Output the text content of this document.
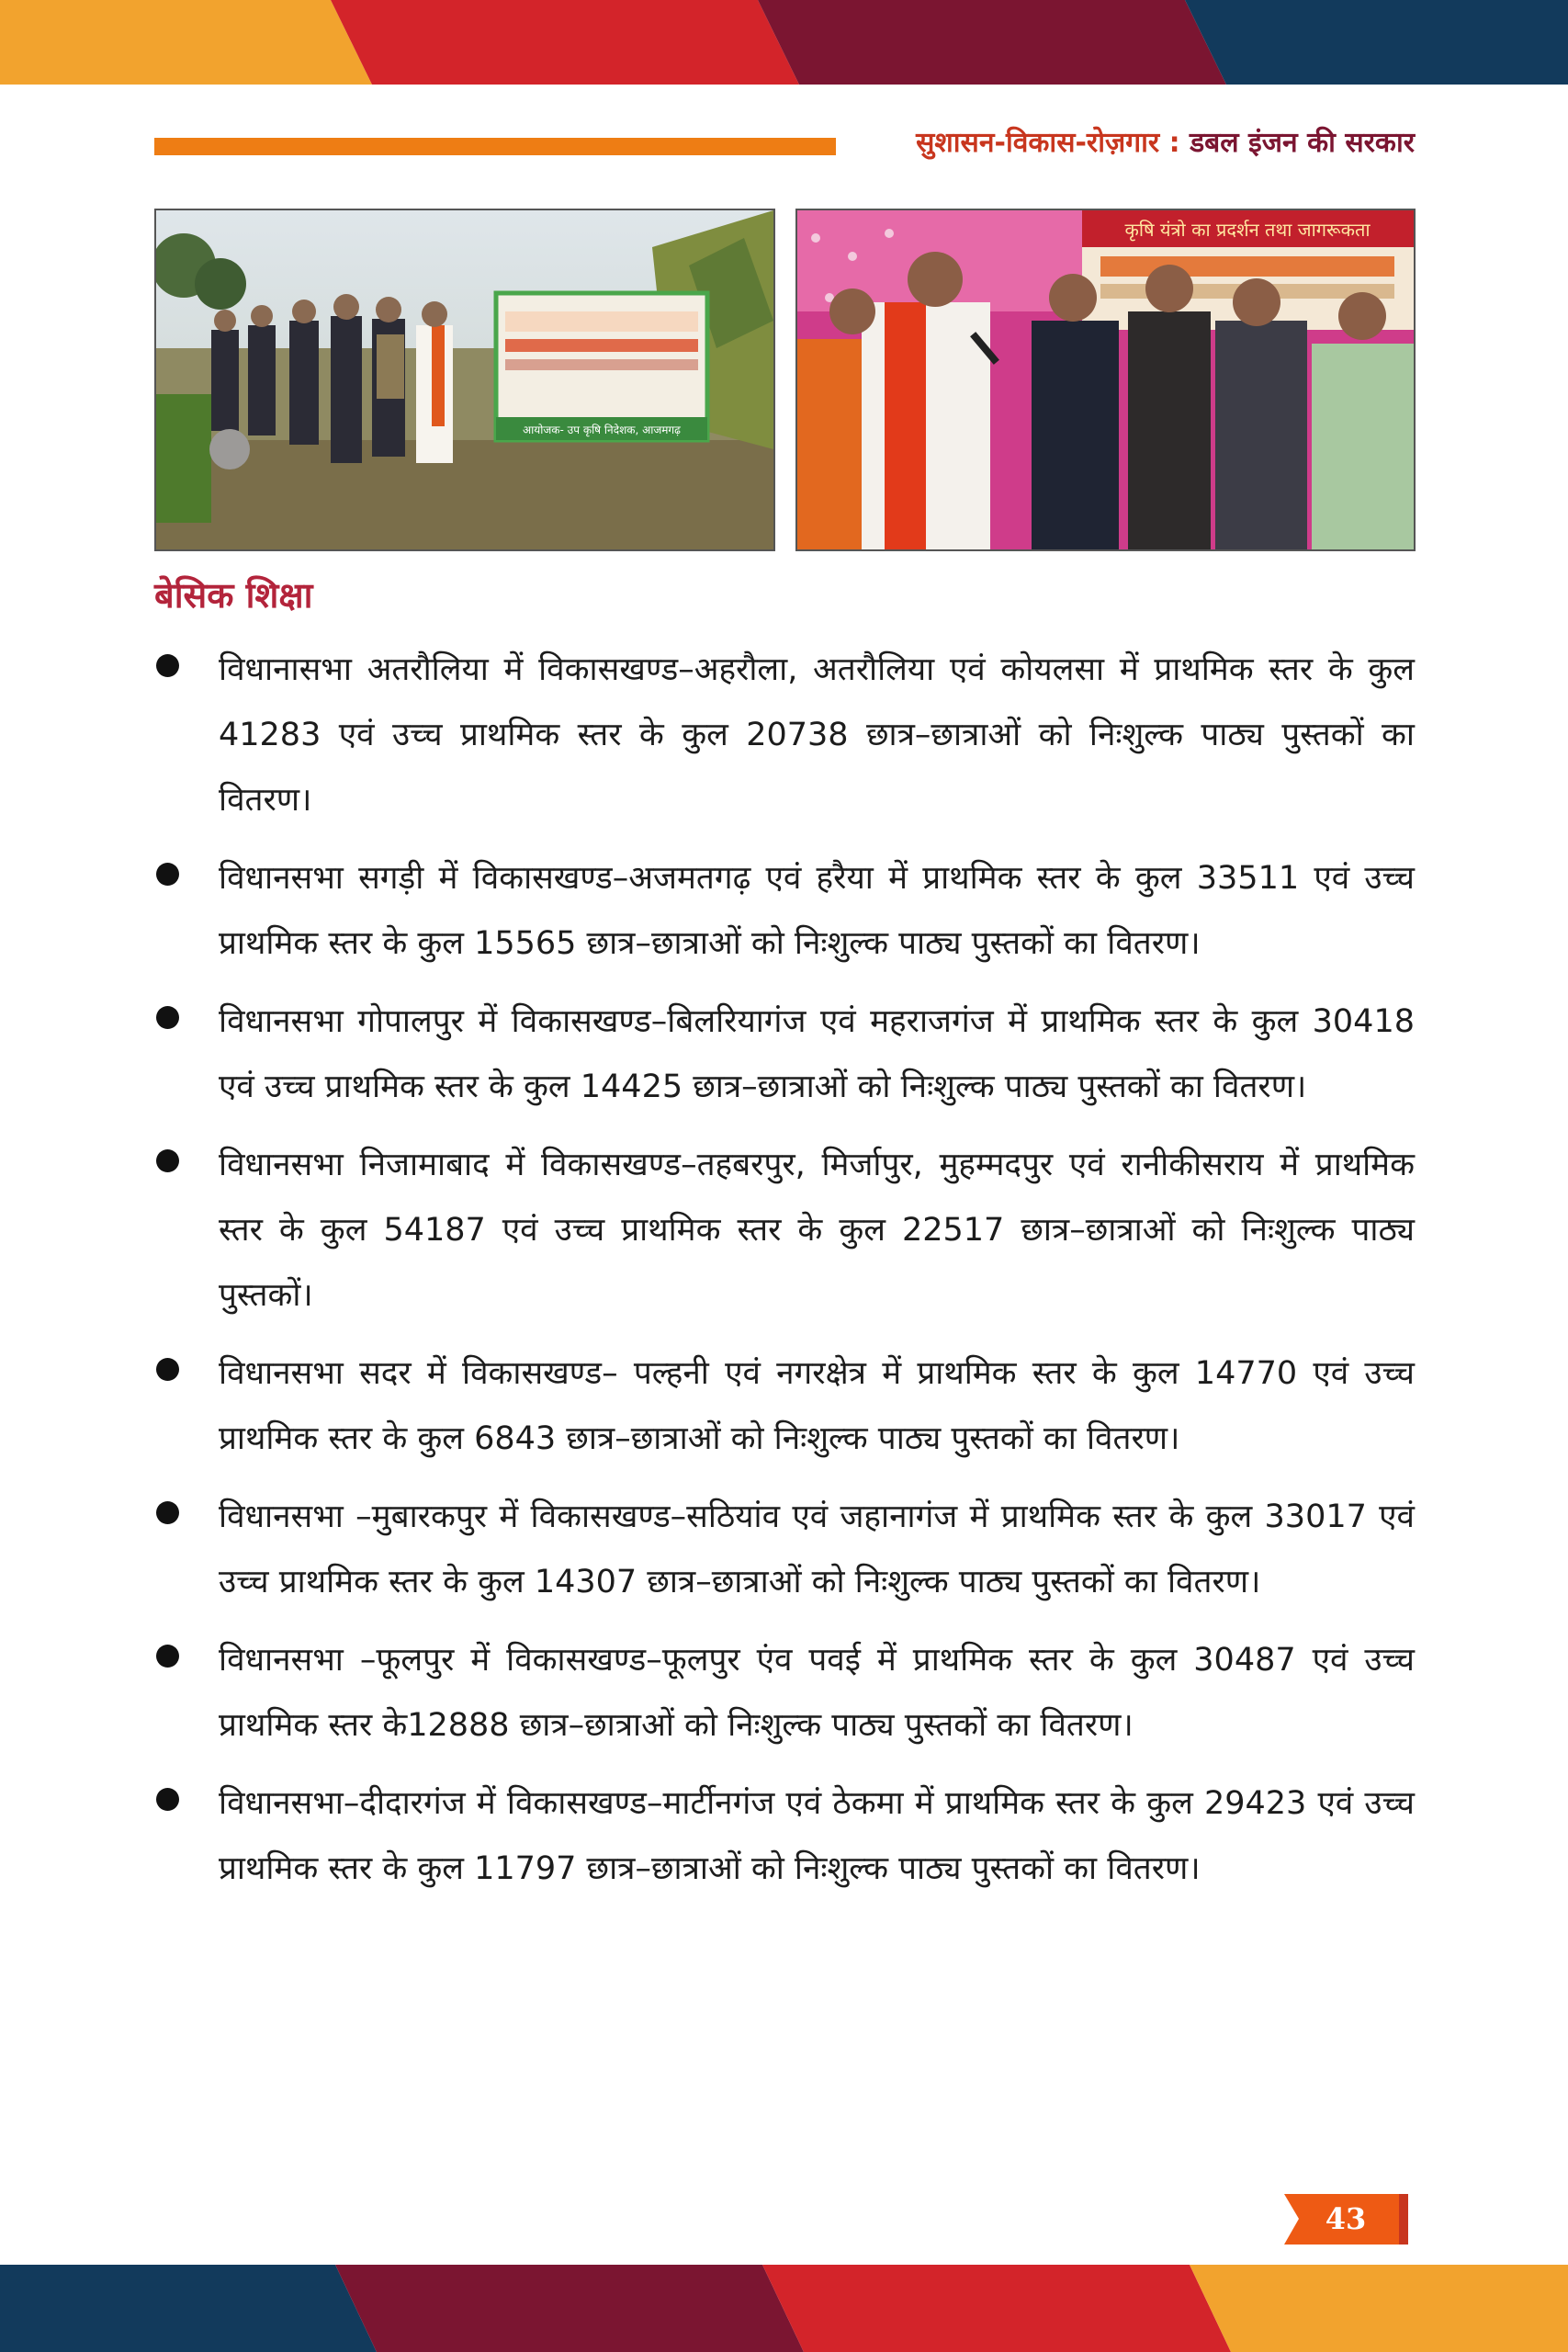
सुशासन-विकास-रोज़गार : डबल इंजन की सरकार
आयोजक- उप कृषि निदेशक, आजमगढ़
कृषि यंत्रो का प्रदर्शन तथा जागरूकता
बेसिक शिक्षा
विधानासभा अतरौलिया में विकासखण्ड–अहरौला, अतरौलिया एवं कोयलसा में प्राथमिक स्तर के कुल 41283 एवं उच्च प्राथमिक स्तर के कुल 20738 छात्र–छात्राओं को निःशुल्क पाठ्य पुस्तकों का वितरण।
विधानसभा सगड़ी में विकासखण्ड–अजमतगढ़ एवं हरैया में प्राथमिक स्तर के कुल 33511 एवं उच्च प्राथमिक स्तर के कुल 15565 छात्र–छात्राओं को निःशुल्क पाठ्य पुस्तकों का वितरण।
विधानसभा गोपालपुर में विकासखण्ड–बिलरियागंज एवं महराजगंज में प्राथमिक स्तर के कुल 30418 एवं उच्च प्राथमिक स्तर के कुल 14425 छात्र–छात्राओं को निःशुल्क पाठ्य पुस्तकों का वितरण।
विधानसभा निजामाबाद में विकासखण्ड–तहबरपुर, मिर्जापुर, मुहम्मदपुर एवं रानीकीसराय में प्राथमिक स्तर के कुल 54187 एवं उच्च प्राथमिक स्तर के कुल 22517 छात्र–छात्राओं को निःशुल्क पाठ्य पुस्तकों।
विधानसभा सदर में विकासखण्ड– पल्हनी एवं नगरक्षेत्र में प्राथमिक स्तर के कुल 14770 एवं उच्च प्राथमिक स्तर के कुल 6843 छात्र–छात्राओं को निःशुल्क पाठ्य पुस्तकों का वितरण।
विधानसभा –मुबारकपुर में विकासखण्ड–सठियांव एवं जहानागंज में प्राथमिक स्तर के कुल 33017 एवं उच्च प्राथमिक स्तर के कुल 14307 छात्र–छात्राओं को निःशुल्क पाठ्य पुस्तकों का वितरण।
विधानसभा –फूलपुर में विकासखण्ड–फूलपुर एंव पवई में प्राथमिक स्तर के कुल 30487 एवं उच्च प्राथमिक स्तर के12888 छात्र–छात्राओं को निःशुल्क पाठ्य पुस्तकों का वितरण।
विधानसभा–दीदारगंज में विकासखण्ड–मार्टीनगंज एवं ठेकमा में प्राथमिक स्तर के कुल 29423 एवं उच्च प्राथमिक स्तर के कुल 11797 छात्र–छात्राओं को निःशुल्क पाठ्य पुस्तकों का वितरण।
43
